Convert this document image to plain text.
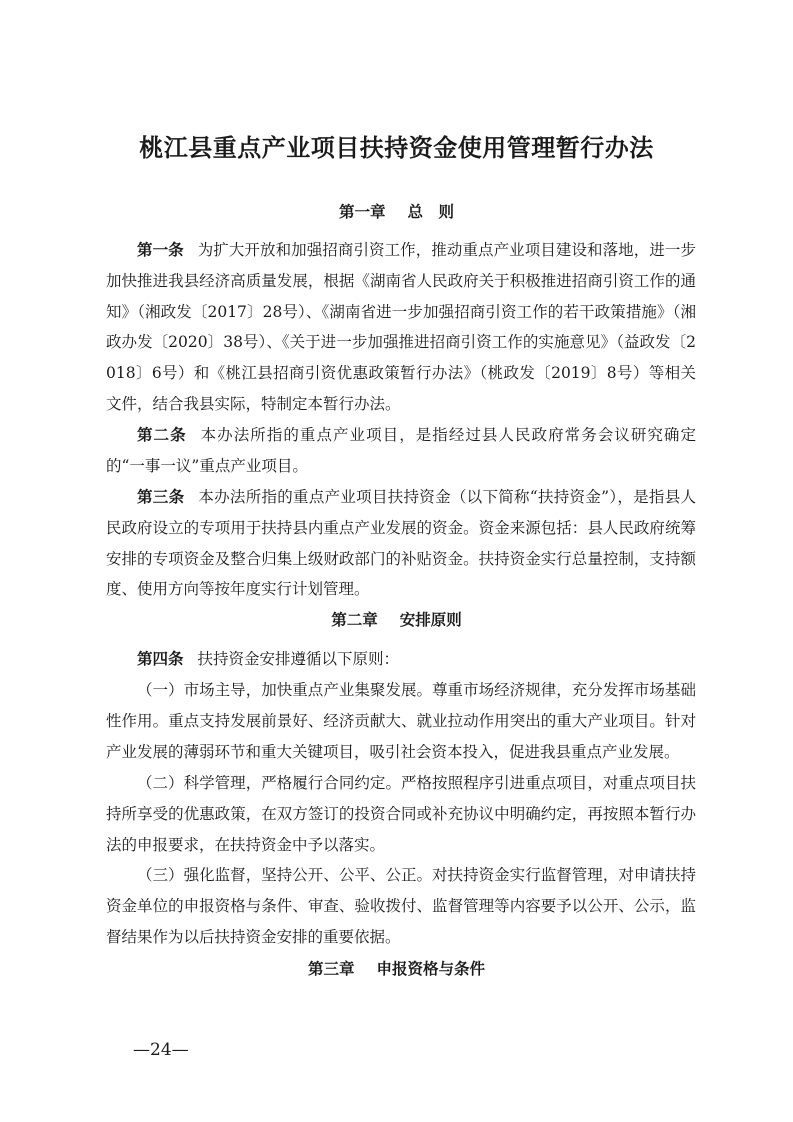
桃江县重点产业项目扶持资金使用管理暂行办法
第一章 总　则
第一条 为扩大开放和加强招商引资工作，推动重点产业项目建设和落地，进一步加快推进我县经济高质量发展，根据《湖南省人民政府关于积极推进招商引资工作的通知》（湘政发〔2017〕28号）、《湖南省进一步加强招商引资工作的若干政策措施》（湘政办发〔2020〕38号）、《关于进一步加强推进招商引资工作的实施意见》（益政发〔2018〕6号）和《桃江县招商引资优惠政策暂行办法》（桃政发〔2019〕8号）等相关文件，结合我县实际，特制定本暂行办法。
第二条 本办法所指的重点产业项目，是指经过县人民政府常务会议研究确定的“一事一议”重点产业项目。
第三条 本办法所指的重点产业项目扶持资金（以下简称“扶持资金”），是指县人民政府设立的专项用于扶持县内重点产业发展的资金。资金来源包括：县人民政府统筹安排的专项资金及整合归集上级财政部门的补贴资金。扶持资金实行总量控制，支持额度、使用方向等按年度实行计划管理。
第二章 安排原则
第四条 扶持资金安排遵循以下原则：
（一）市场主导，加快重点产业集聚发展。尊重市场经济规律，充分发挥市场基础性作用。重点支持发展前景好、经济贡献大、就业拉动作用突出的重大产业项目。针对产业发展的薄弱环节和重大关键项目，吸引社会资本投入，促进我县重点产业发展。
（二）科学管理，严格履行合同约定。严格按照程序引进重点项目，对重点项目扶持所享受的优惠政策，在双方签订的投资合同或补充协议中明确约定，再按照本暂行办法的申报要求，在扶持资金中予以落实。
（三）强化监督，坚持公开、公平、公正。对扶持资金实行监督管理，对申请扶持资金单位的申报资格与条件、审查、验收拨付、监督管理等内容要予以公开、公示，监督结果作为以后扶持资金安排的重要依据。
第三章 申报资格与条件
—24—
